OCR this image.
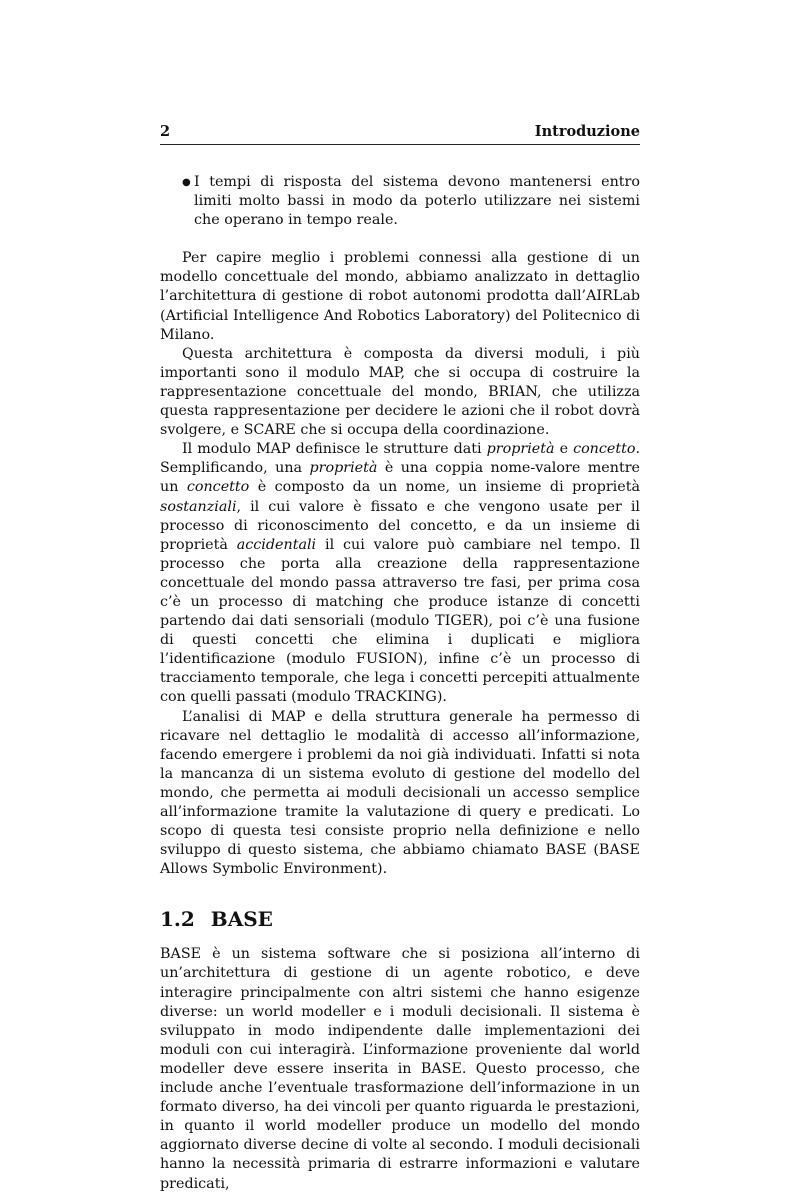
2	Introduzione
● I tempi di risposta del sistema devono mantenersi entro limiti molto bassi in modo da poterlo utilizzare nei sistemi che operano in tempo reale.

Per capire meglio i problemi connessi alla gestione di un modello concettuale del mondo, abbiamo analizzato in dettaglio l’architettura di gestione di robot autonomi prodotta dall’AIRLab (Artificial Intelligence And Robotics Laboratory) del Politecnico di Milano.

Questa architettura è composta da diversi moduli, i più importanti sono il modulo MAP, che si occupa di costruire la rappresentazione concettuale del mondo, BRIAN, che utilizza questa rappresentazione per decidere le azioni che il robot dovrà svolgere, e SCARE che si occupa della coordinazione.

Il modulo MAP definisce le strutture dati proprietà e concetto. Semplificando, una proprietà è una coppia nome-valore mentre un concetto è composto da un nome, un insieme di proprietà sostanziali, il cui valore è fissato e che vengono usate per il processo di riconoscimento del concetto, e da un insieme di proprietà accidentali il cui valore può cambiare nel tempo. Il processo che porta alla creazione della rappresentazione concettuale del mondo passa attraverso tre fasi, per prima cosa c’è un processo di matching che produce istanze di concetti partendo dai dati sensoriali (modulo TIGER), poi c’è una fusione di questi concetti che elimina i duplicati e migliora l’identificazione (modulo FUSION), infine c’è un processo di tracciamento temporale, che lega i concetti percepiti attualmente con quelli passati (modulo TRACKING).

L’analisi di MAP e della struttura generale ha permesso di ricavare nel dettaglio le modalità di accesso all’informazione, facendo emergere i problemi da noi già individuati. Infatti si nota la mancanza di un sistema evoluto di gestione del modello del mondo, che permetta ai moduli decisionali un accesso semplice all’informazione tramite la valutazione di query e predicati. Lo scopo di questa tesi consiste proprio nella definizione e nello sviluppo di questo sistema, che abbiamo chiamato BASE (BASE Allows Symbolic Environment).

1.2 BASE

BASE è un sistema software che si posiziona all’interno di un’architettura di gestione di un agente robotico, e deve interagire principalmente con altri sistemi che hanno esigenze diverse: un world modeller e i moduli decisionali. Il sistema è sviluppato in modo indipendente dalle implementazioni dei moduli con cui interagirà. L’informazione proveniente dal world modeller deve essere inserita in BASE. Questo processo, che include anche l’eventuale trasformazione dell’informazione in un formato diverso, ha dei vincoli per quanto riguarda le prestazioni, in quanto il world modeller produce un modello del mondo aggiornato diverse decine di volte al secondo. I moduli decisionali hanno la necessità primaria di estrarre informazioni e valutare predicati,
